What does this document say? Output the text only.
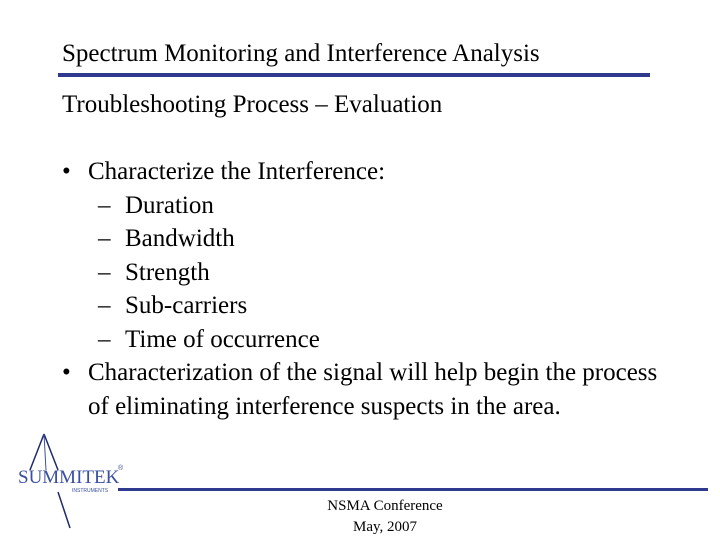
Spectrum Monitoring and Interference Analysis
Troubleshooting Process – Evaluation
• Characterize the Interference:
– Duration
– Bandwidth
– Strength
– Sub-carriers
– Time of occurrence
• Characterization of the signal will help begin the process of eliminating interference suspects in the area.
SUMMITEK
®
INSTRUMENTS
NSMA Conference
May, 2007
